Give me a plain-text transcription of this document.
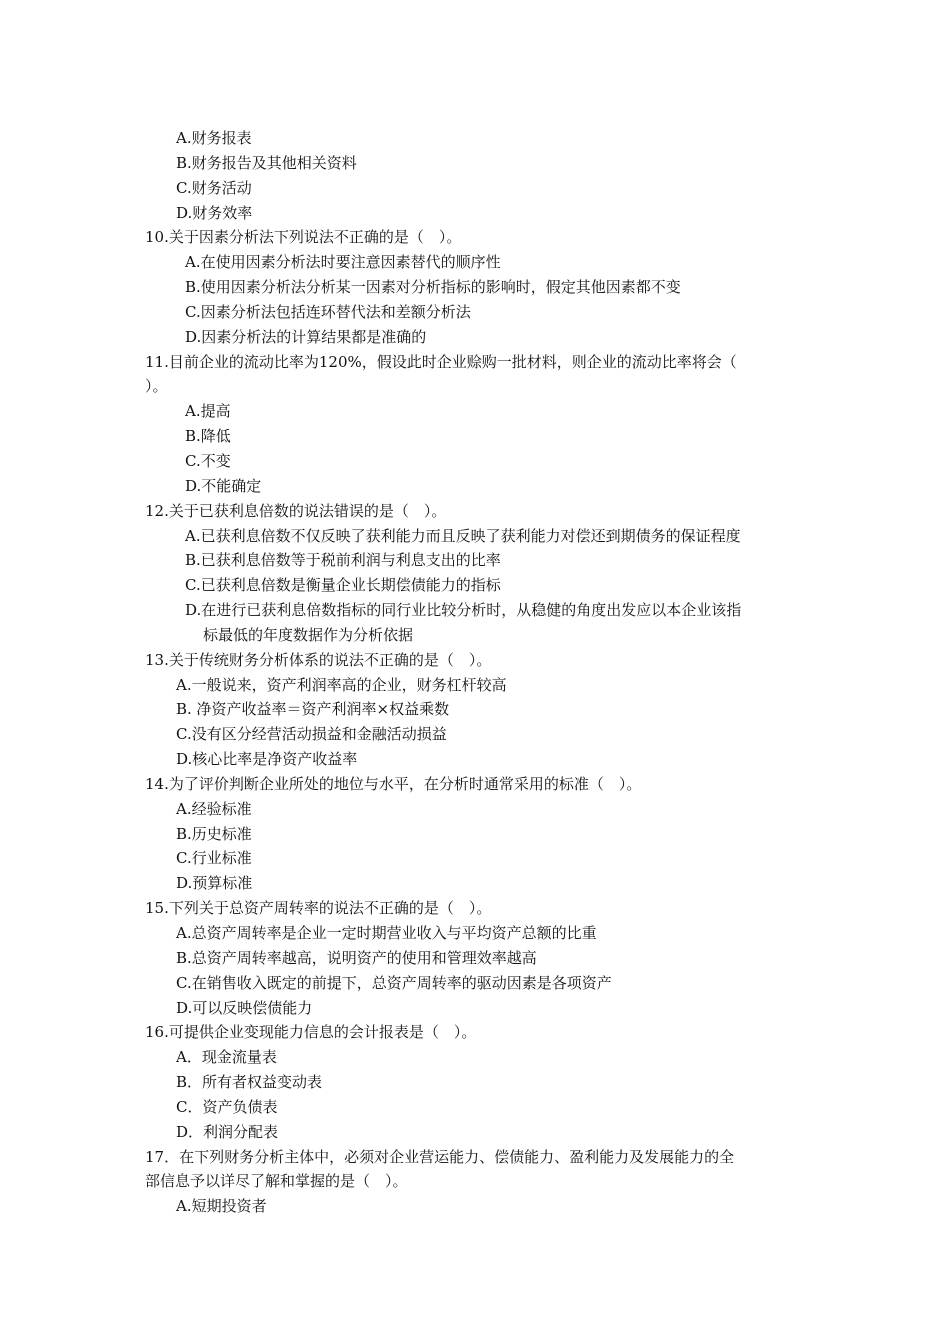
A.财务报表
B.财务报告及其他相关资料
C.财务活动
D.财务效率
10.关于因素分析法下列说法不正确的是（　）。
A.在使用因素分析法时要注意因素替代的顺序性
B.使用因素分析法分析某一因素对分析指标的影响时，假定其他因素都不变
C.因素分析法包括连环替代法和差额分析法
D.因素分析法的计算结果都是准确的
11.目前企业的流动比率为120%，假设此时企业赊购一批材料，则企业的流动比率将会（
）。
A.提高
B.降低
C.不变
D.不能确定
12.关于已获利息倍数的说法错误的是（　）。
A.已获利息倍数不仅反映了获利能力而且反映了获利能力对偿还到期债务的保证程度
B.已获利息倍数等于税前利润与利息支出的比率
C.已获利息倍数是衡量企业长期偿债能力的指标
D.在进行已获利息倍数指标的同行业比较分析时，从稳健的角度出发应以本企业该指
标最低的年度数据作为分析依据
13.关于传统财务分析体系的说法不正确的是（　）。
A.一般说来，资产利润率高的企业，财务杠杆较高
B. 净资产收益率＝资产利润率×权益乘数
C.没有区分经营活动损益和金融活动损益
D.核心比率是净资产收益率
14.为了评价判断企业所处的地位与水平，在分析时通常采用的标准（　）。
A.经验标准
B.历史标准
C.行业标准
D.预算标准
15.下列关于总资产周转率的说法不正确的是（　）。
A.总资产周转率是企业一定时期营业收入与平均资产总额的比重
B.总资产周转率越高，说明资产的使用和管理效率越高
C.在销售收入既定的前提下，总资产周转率的驱动因素是各项资产
D.可以反映偿债能力
16.可提供企业变现能力信息的会计报表是（　）。
A．现金流量表
B．所有者权益变动表
C．资产负债表
D．利润分配表
17．在下列财务分析主体中，必须对企业营运能力、偿债能力、盈利能力及发展能力的全
部信息予以详尽了解和掌握的是（　）。
A.短期投资者
